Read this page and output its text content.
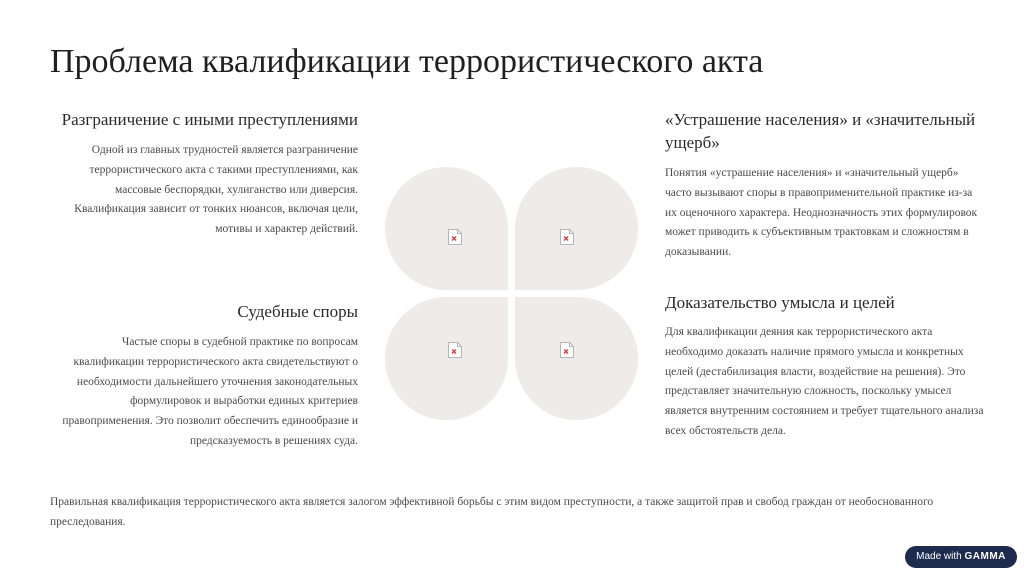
Проблема квалификации террористического акта
Разграничение с иными преступлениями

Одной из главных трудностей является разграничение террористического акта с такими преступлениями, как массовые беспорядки, хулиганство или диверсия. Квалификация зависит от тонких нюансов, включая цели, мотивы и характер действий.

Судебные споры

Частые споры в судебной практике по вопросам квалификации террористического акта свидетельствуют о необходимости дальнейшего уточнения законодательных формулировок и выработки единых критериев правоприменения. Это позволит обеспечить единообразие и предсказуемость в решениях суда.

«Устрашение населения» и «значительный ущерб»

Понятия «устрашение населения» и «значительный ущерб» часто вызывают споры в правоприменительной практике из-за их оценочного характера. Неоднозначность этих формулировок может приводить к субъективным трактовкам и сложностям в доказывании.

Доказательство умысла и целей

Для квалификации деяния как террористического акта необходимо доказать наличие прямого умысла и конкретных целей (дестабилизация власти, воздействие на решения). Это представляет значительную сложность, поскольку умысел является внутренним состоянием и требует тщательного анализа всех обстоятельств дела.

Правильная квалификация террористического акта является залогом эффективной борьбы с этим видом преступности, а также защитой прав и свобод граждан от необоснованного преследования.

Made with GAMMA
